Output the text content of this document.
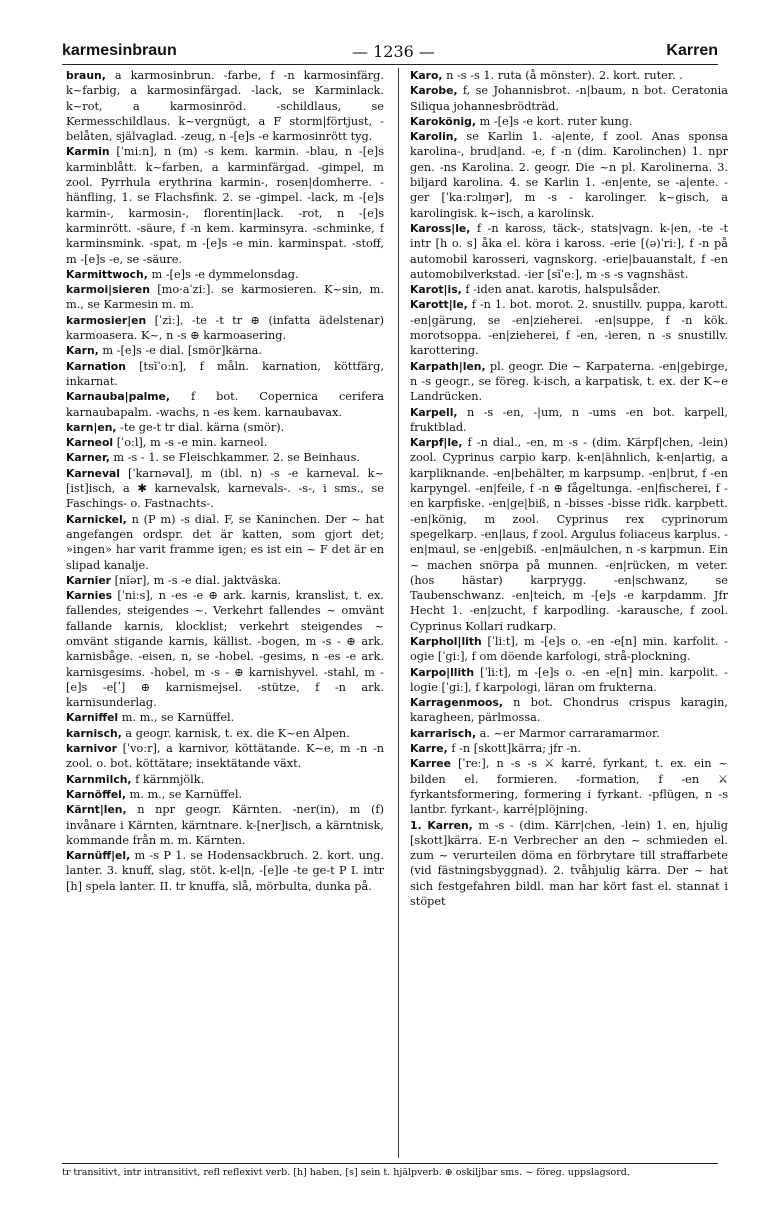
karmesinbraun	— 1236 —	Karren

braun, a karmosinbrun. -farbe, f -n karmosinfärg. k~farbig, a karmosinfärgad. -lack, se Karminlack. k~rot, a karmosinröd. -schildlaus, se Kermesschildlaus. k~vergnügt, a F storm|förtjust, -belåten, självaglad. -zeug, n -[e]s -e karmosinrött tyg.

Karmin [ˈmiːn], n (m) -s kem. karmin. -blau, n -[e]s karminblått. k~farben, a karminfärgad. -gimpel, m zool. Pyrrhula erythrina karmin-, rosen|domherre. -hänfling, 1. se Flachsfink. 2. se -gimpel. -lack, m -[e]s karmin-, karmosin-, florentin|lack. -rot, n -[e]s karminrött. -säure, f -n kem. karminsyra. -schminke, f karminsmink. -spat, m -[e]s -e min. karminspat. -stoff, m -[e]s -e, se -säure.

Karmittwoch, m -[e]s -e dymmelonsdag.

karmoi|sieren [mo·aˈziː]. se karmosieren. K~sin, m. m., se Karmesin m. m.

karmosier|en [ˈziː], -te -t tr ⊕ (infatta ädelstenar) karmoasera. K~, n -s ⊕ karmoasering.

Karn, m -[e]s -e dial. [smör]kärna.

Karnation [tsĭˈoːn], f måln. karnation, köttfärg, inkarnat.

Karnauba|palme, f bot. Copernica cerifera karnaubapalm. -wachs, n -es kem. karnaubavax.

karn|en, -te ge-t tr dial. kärna (smör).

Karneol [ˈoːl], m -s -e min. karneol.

Karner, m -s - 1. se Fleischkammer. 2. se Beinhaus.

Karneval [ˈkarnəval], m (ibl. n) -s -e karneval. k~[ist]isch, a ✱ karnevalsk, karnevals-. -s-, i sms., se Faschings- o. Fastnachts-.

Karnickel, n (P m) -s dial. F, se Kaninchen. Der ~ hat angefangen ordspr. det är katten, som gjort det; »ingen» har varit framme igen; es ist ein ~ F det är en slipad kanalje.

Karnier [nĭər], m -s -e dial. jaktväska.

Karnies [ˈniːs], n -es -e ⊕ ark. karnis, kranslist, t. ex. fallendes, steigendes ~. Verkehrt fallendes ~ omvänt fallande karnis, klocklist; verkehrt steigendes ~ omvänt stigande karnis, källist. -bogen, m -s - ⊕ ark. karnisbåge. -eisen, n, se -hobel. -gesims, n -es -e ark. karnisgesims. -hobel, m -s - ⊕ karnishyvel. -stahl, m -[e]s -e[ʹ] ⊕ karnismejsel. -stütze, f -n ark. karnisunderlag.

Karniffel m. m., se Karnüffel.

karnisch, a geogr. karnisk, t. ex. die K~en Alpen.

karnivor [ˈvoːr], a karnivor, köttätande. K~e, m -n -n zool. o. bot. köttätare; insektätande växt.

Karnmilch, f kärnmjölk.

Karnöffel, m. m., se Karnüffel.

Kärnt|len, n npr geogr. Kärnten. -ner(in), m (f) invånare i Kärnten, kärntnare. k-[ner]isch, a kärntnisk, kommande från m. m. Kärnten.

Karnüff|el, m -s P 1. se Hodensackbruch. 2. kort. ung. lanter. 3. knuff, slag, stöt. k-el|n, -[e]le -te ge-t P I. intr [h] spela lanter. II. tr knuffa, slå, mörbulta, dunka på.

Karo, n -s -s 1. ruta (å mönster). 2. kort. ruter. .

Karobe, f, se Johannisbrot. -n|baum, n bot. Ceratonia Siliqua johannesbrödträd.

Karokönig, m -[e]s -e kort. ruter kung.

Karolin, se Karlin 1. -a|ente, f zool. Anas sponsa karolina-, brud|and. -e, f -n (dim. Karolinchen) 1. npr gen. -ns Karolina. 2. geogr. Die ~n pl. Karolinerna. 3. biljard karolina. 4. se Karlin 1. -en|ente, se -a|ente. -ger [ˈkaːrɔlɪŋər], m -s - karolinger. k~gisch, a karolingisk. k~isch, a karolinsk.

Kaross|le, f -n kaross, täck-, stats|vagn. k-|en, -te -t intr [h o. s] åka el. köra i kaross. -erie [(ə)ˈriː], f -n på automobil karosseri, vagnskorg. -erie|bauanstalt, f -en automobilverkstad. -ier [sĭˈeː], m -s -s vagnshäst.

Karot|is, f -iden anat. karotis, halspulsåder.

Karott|le, f -n 1. bot. morot. 2. snustillv. puppa, karott. -en|gärung, se -en|zieherei. -en|suppe, f -n kök. morotsoppa. -en|zieherei, f -en, -ieren, n -s snustillv. karottering.

Karpath|len, pl. geogr. Die ~ Karpaterna. -en|gebirge, n -s geogr., se föreg. k-isch, a karpatisk, t. ex. der K~e Landrücken.

Karpell, n -s -en, -|um, n -ums -en bot. karpell, fruktblad.

Karpf|le, f -n dial., -en, m -s - (dim. Kärpf|chen, -lein) zool. Cyprinus carpio karp. k-en|ähnlich, k-en|artig, a karpliknande. -en|behälter, m karpsump. -en|brut, f -en karpyngel. -en|feile, f -n ⊕ fågeltunga. -en|fischerei, f -en karpfiske. -en|ge|biß, n -bisses -bisse ridk. karpbett. -en|könig, m zool. Cyprinus rex cyprinorum spegelkarp. -en|laus, f zool. Argulus foliaceus karplus. -en|maul, se -en|gebiß. -en|mäulchen, n -s karpmun. Ein ~ machen snörpa på munnen. -en|rücken, m veter. (hos hästar) karprygg. -en|schwanz, se Taubenschwanz. -en|teich, m -[e]s -e karpdamm. Jfr Hecht 1. -en|zucht, f karpodling. -karausche, f zool. Cyprinus Kollari rudkarp.

Karphol|lith [ˈliːt], m -[e]s o. -en -e[n] min. karfolit. -ogie [ˈgiː], f om döende karfologi, strå-plockning.

Karpo|llith [ˈliːt], m -[e]s o. -en -e[n] min. karpolit. -logie [ˈgiː], f karpologi, läran om frukterna.

Karragenmoos, n bot. Chondrus crispus karagin, karagheen, pärlmossa.

karrarisch, a. ~er Marmor carraramarmor.

Karre, f -n [skott]kärra; jfr -n.

Karree [ˈreː], n -s -s ⚔ karré, fyrkant, t. ex. ein ~ bilden el. formieren. -formation, f -en ⚔ fyrkantsformering, formering i fyrkant. -pflügen, n -s lantbr. fyrkant-, karré|plöjning.

1. Karren, m -s - (dim. Kärr|chen, -lein) 1. en, hjulig [skott]kärra. E-n Verbrecher an den ~ schmieden el. zum ~ verurteilen döma en förbrytare till straffarbete (vid fästningsbyggnad). 2. tvåhjulig kärra. Der ~ hat sich festgefahren bildl. man har kört fast el. stannat i stöpet

tr transitivt, intr intransitivt, refl reflexivt verb. [h] haben, [s] sein t. hjälpverb. ⊕ oskiljbar sms. ~ föreg. uppslagsord.
